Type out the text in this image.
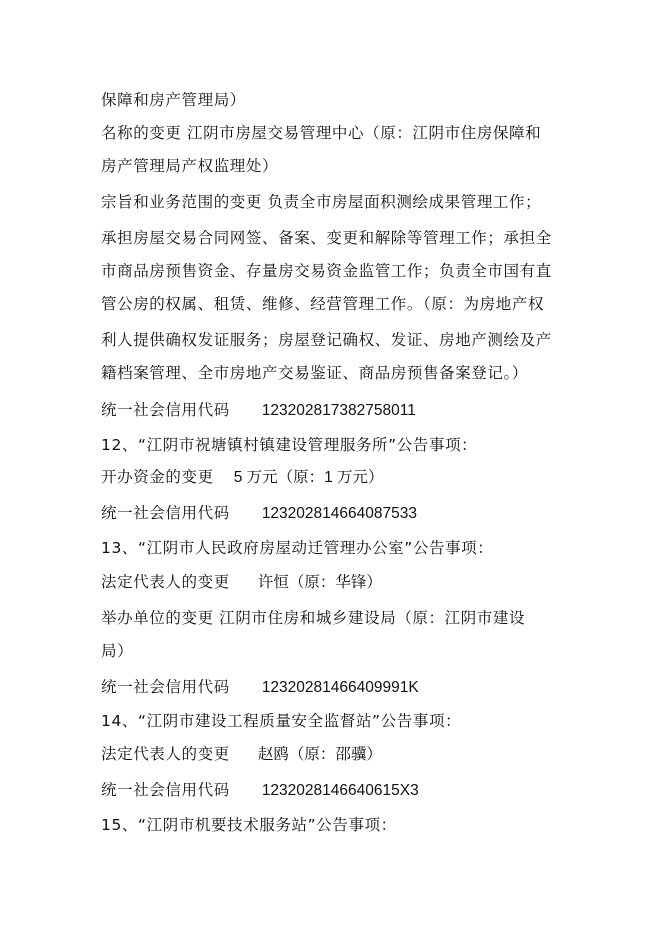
保障和房产管理局）
名称的变更 江阴市房屋交易管理中心（原：江阴市住房保障和
房产管理局产权监理处）
宗旨和业务范围的变更 负责全市房屋面积测绘成果管理工作；
承担房屋交易合同网签、备案、变更和解除等管理工作；承担全
市商品房预售资金、存量房交易资金监管工作；负责全市国有直
管公房的权属、租赁、维修、经营管理工作。（原：为房地产权
利人提供确权发证服务；房屋登记确权、发证、房地产测绘及产
籍档案管理、全市房地产交易鉴证、商品房预售备案登记。）
统一社会信用代码 12320281738275801​1
12、“江阴市祝塘镇村镇建设管理服务所”公告事项：
开办资金的变更 5 万元（原：1 万元）
统一社会信用代码 123202814664087533
13、“江阴市人民政府房屋动迁管理办公室”公告事项：
法定代表人的变更 许恒（原：华锋）
举办单位的变更 江阴市住房和城乡建设局（原：江阴市建设
局）
统一社会信用代码 12320281466409991K
14、“江阴市建设工程质量安全监督站”公告事项：
法定代表人的变更 赵鸥（原：邵骥）
统一社会信用代码 1232028146640615X3
15、“江阴市机要技术服务站”公告事项：
